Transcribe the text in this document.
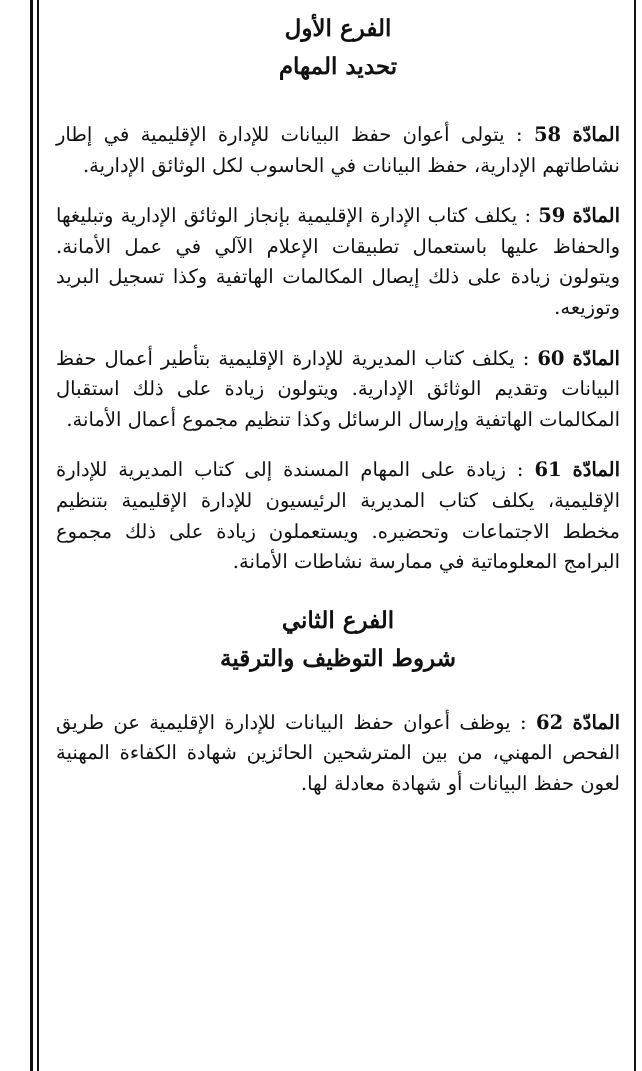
الفرع الأول
تحديد المهام

المادّة 58 : يتولى أعوان حفظ البيانات للإدارة الإقليمية في إطار نشاطاتهم الإدارية، حفظ البيانات في الحاسوب لكل الوثائق الإدارية.

المادّة 59 : يكلف كتاب الإدارة الإقليمية بإنجاز الوثائق الإدارية وتبليغها والحفاظ عليها باستعمال تطبيقات الإعلام الآلي في عمل الأمانة. ويتولون زيادة على ذلك إيصال المكالمات الهاتفية وكذا تسجيل البريد وتوزيعه.

المادّة 60 : يكلف كتاب المديرية للإدارة الإقليمية بتأطير أعمال حفظ البيانات وتقديم الوثائق الإدارية. ويتولون زيادة على ذلك استقبال المكالمات الهاتفية وإرسال الرسائل وكذا تنظيم مجموع أعمال الأمانة.

المادّة 61 : زيادة على المهام المسندة إلى كتاب المديرية للإدارة الإقليمية، يكلف كتاب المديرية الرئيسيون للإدارة الإقليمية بتنظيم مخطط الاجتماعات وتحضيره. ويستعملون زيادة على ذلك مجموع البرامج المعلوماتية في ممارسة نشاطات الأمانة.

الفرع الثاني
شروط التوظيف والترقية

المادّة 62 : يوظف أعوان حفظ البيانات للإدارة الإقليمية عن طريق الفحص المهني، من بين المترشحين الحائزين شهادة الكفاءة المهنية لعون حفظ البيانات أو شهادة معادلة لها.
